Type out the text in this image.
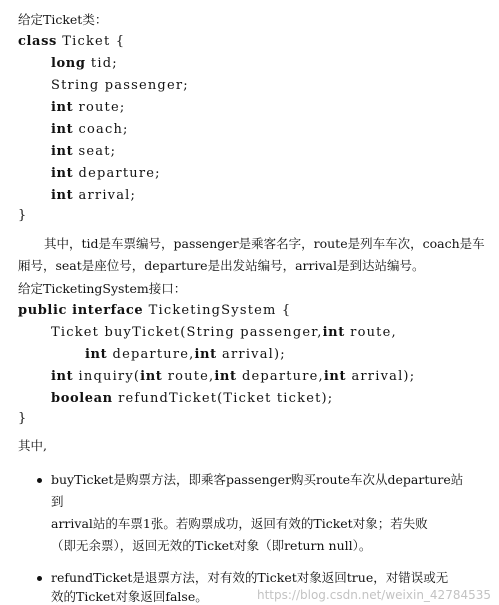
给定Ticket类：
class Ticket {
long tid;
String passenger;
int route;
int coach;
int seat;
int departure;
int arrival;
}
其中，tid是车票编号，passenger是乘客名字，route是列车车次，coach是车厢号，seat是座位号，departure是出发站编号，arrival是到达站编号。
给定TicketingSystem接口：
public interface TicketingSystem {
Ticket buyTicket(String passenger,int route,
int departure,int arrival);
int inquiry(int route,int departure,int arrival);
boolean refundTicket(Ticket ticket);
}
其中,
buyTicket是购票方法，即乘客passenger购买route车次从departure站
到
arrival站的车票1张。若购票成功，返回有效的Ticket对象；若失败
（即无余票），返回无效的Ticket对象（即return null）。
refundTicket是退票方法，对有效的Ticket对象返回true，对错误或无
效的Ticket对象返回false。	https://blog.csdn.net/weixin_42784535
